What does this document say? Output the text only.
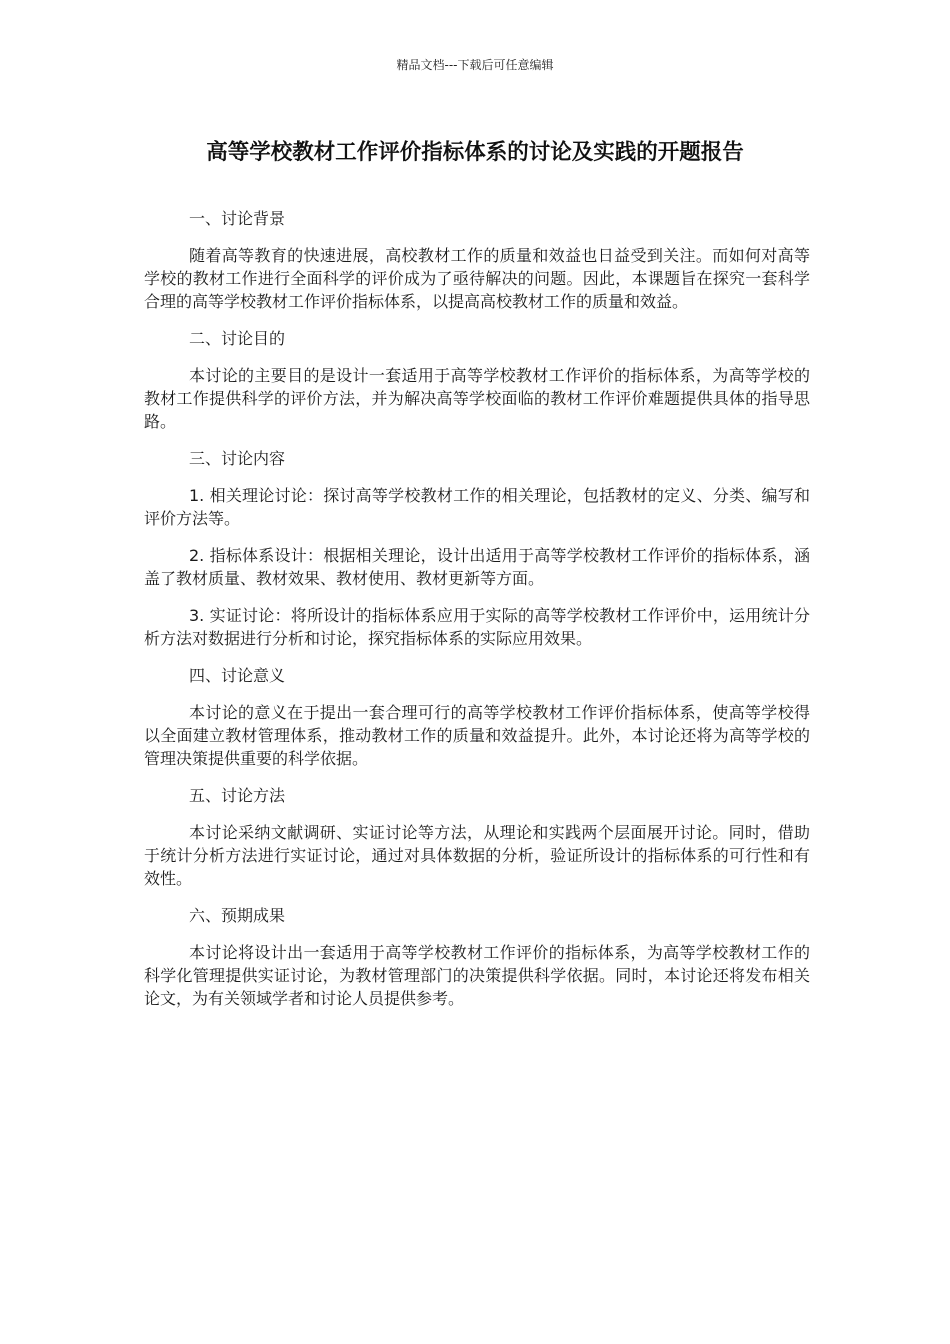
精品文档---下载后可任意编辑
高等学校教材工作评价指标体系的讨论及实践的开题报告
一、讨论背景

随着高等教育的快速进展，高校教材工作的质量和效益也日益受到关注。而如何对高等学校的教材工作进行全面科学的评价成为了亟待解决的问题。因此，本课题旨在探究一套科学合理的高等学校教材工作评价指标体系，以提高高校教材工作的质量和效益。

二、讨论目的

本讨论的主要目的是设计一套适用于高等学校教材工作评价的指标体系，为高等学校的教材工作提供科学的评价方法，并为解决高等学校面临的教材工作评价难题提供具体的指导思路。

三、讨论内容

1. 相关理论讨论：探讨高等学校教材工作的相关理论，包括教材的定义、分类、编写和评价方法等。

2. 指标体系设计：根据相关理论，设计出适用于高等学校教材工作评价的指标体系，涵盖了教材质量、教材效果、教材使用、教材更新等方面。

3. 实证讨论：将所设计的指标体系应用于实际的高等学校教材工作评价中，运用统计分析方法对数据进行分析和讨论，探究指标体系的实际应用效果。

四、讨论意义

本讨论的意义在于提出一套合理可行的高等学校教材工作评价指标体系，使高等学校得以全面建立教材管理体系，推动教材工作的质量和效益提升。此外，本讨论还将为高等学校的管理决策提供重要的科学依据。

五、讨论方法

本讨论采纳文献调研、实证讨论等方法，从理论和实践两个层面展开讨论。同时，借助于统计分析方法进行实证讨论，通过对具体数据的分析，验证所设计的指标体系的可行性和有效性。

六、预期成果

本讨论将设计出一套适用于高等学校教材工作评价的指标体系，为高等学校教材工作的科学化管理提供实证讨论，为教材管理部门的决策提供科学依据。同时，本讨论还将发布相关论文，为有关领域学者和讨论人员提供参考。
